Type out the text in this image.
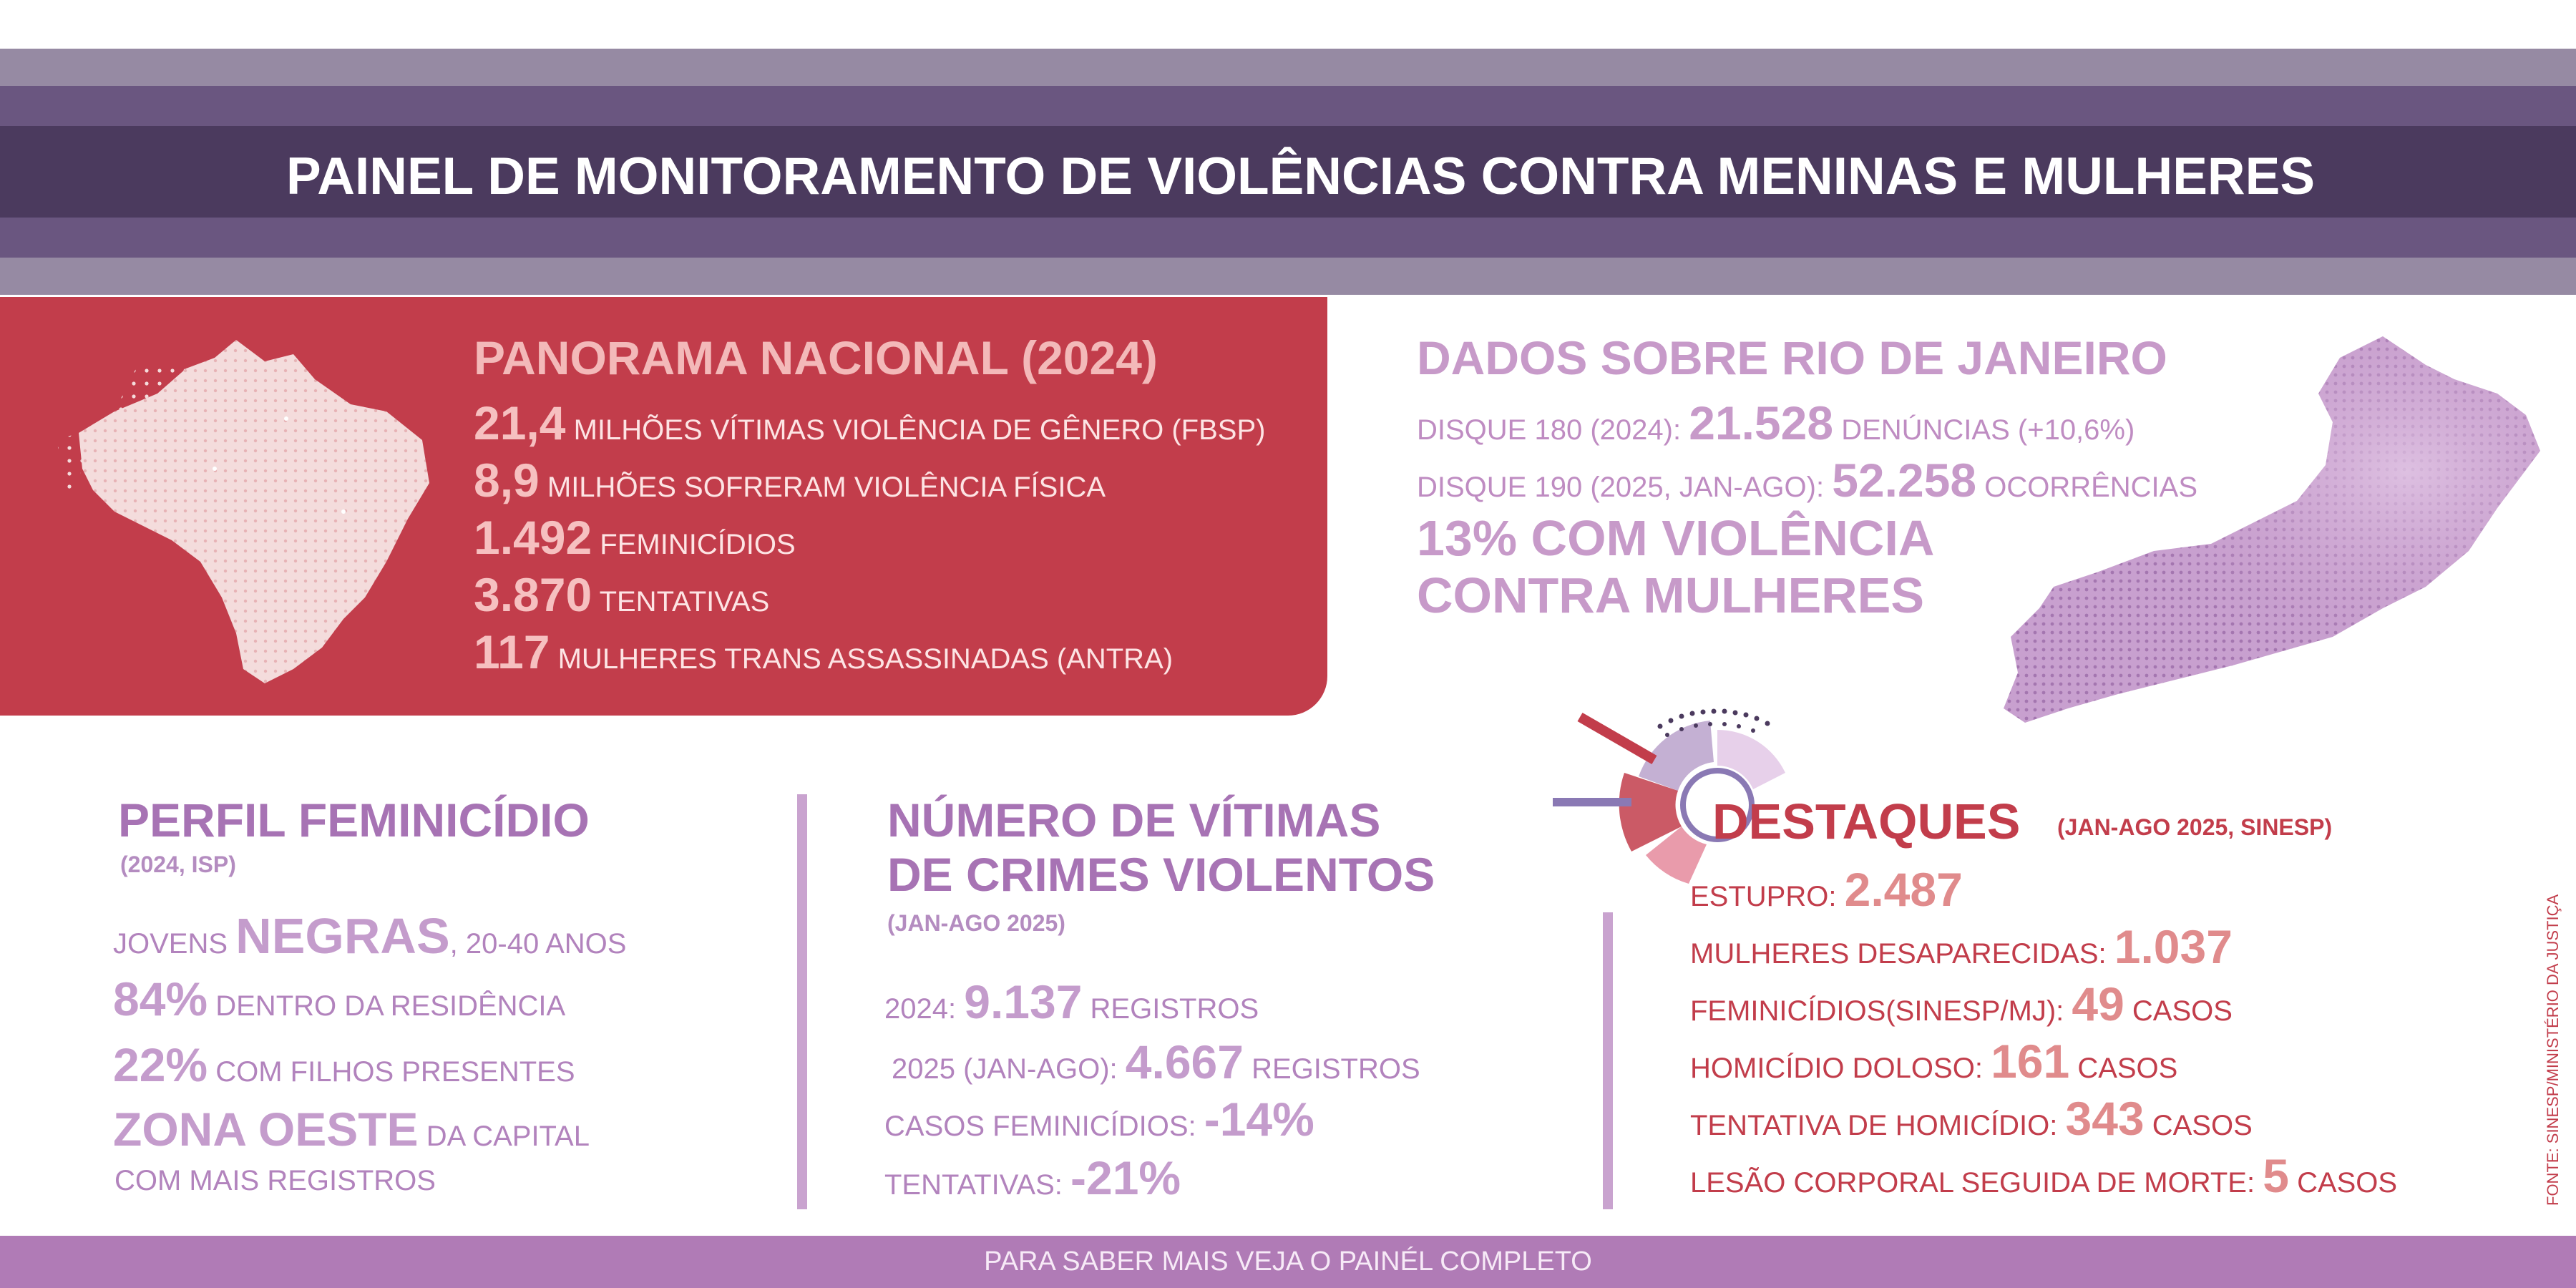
PAINEL DE MONITORAMENTO DE VIOLÊNCIAS CONTRA MENINAS E MULHERES
PANORAMA NACIONAL (2024)
21,4 MILHÕES VÍTIMAS VIOLÊNCIA DE GÊNERO (FBSP)
8,9 MILHÕES SOFRERAM VIOLÊNCIA FÍSICA
1.492 FEMINICÍDIOS
3.870 TENTATIVAS
117 MULHERES TRANS ASSASSINADAS (ANTRA)
DADOS SOBRE RIO DE JANEIRO
DISQUE 180 (2024): 21.528 DENÚNCIAS (+10,6%)
DISQUE 190 (2025, JAN-AGO): 52.258 OCORRÊNCIAS
13% COM VIOLÊNCIA
CONTRA MULHERES
PERFIL FEMINICÍDIO
(2024, ISP)
JOVENS NEGRAS, 20-40 ANOS
84% DENTRO DA RESIDÊNCIA
22% COM FILHOS PRESENTES
ZONA OESTE DA CAPITAL
COM MAIS REGISTROS
NÚMERO DE VÍTIMAS
DE CRIMES VIOLENTOS
(JAN-AGO 2025)
2024: 9.137 REGISTROS
2025 (JAN-AGO): 4.667 REGISTROS
CASOS FEMINICÍDIOS: -14%
TENTATIVAS: -21%
DESTAQUES (JAN-AGO 2025, SINESP)
ESTUPRO: 2.487
MULHERES DESAPARECIDAS: 1.037
FEMINICÍDIOS(SINESP/MJ): 49 CASOS
HOMICÍDIO DOLOSO: 161 CASOS
TENTATIVA DE HOMICÍDIO: 343 CASOS
LESÃO CORPORAL SEGUIDA DE MORTE: 5 CASOS	FONTE: SINESP/MINISTÉRIO DA JUSTIÇA
PARA SABER MAIS VEJA O PAINÉL COMPLETO
